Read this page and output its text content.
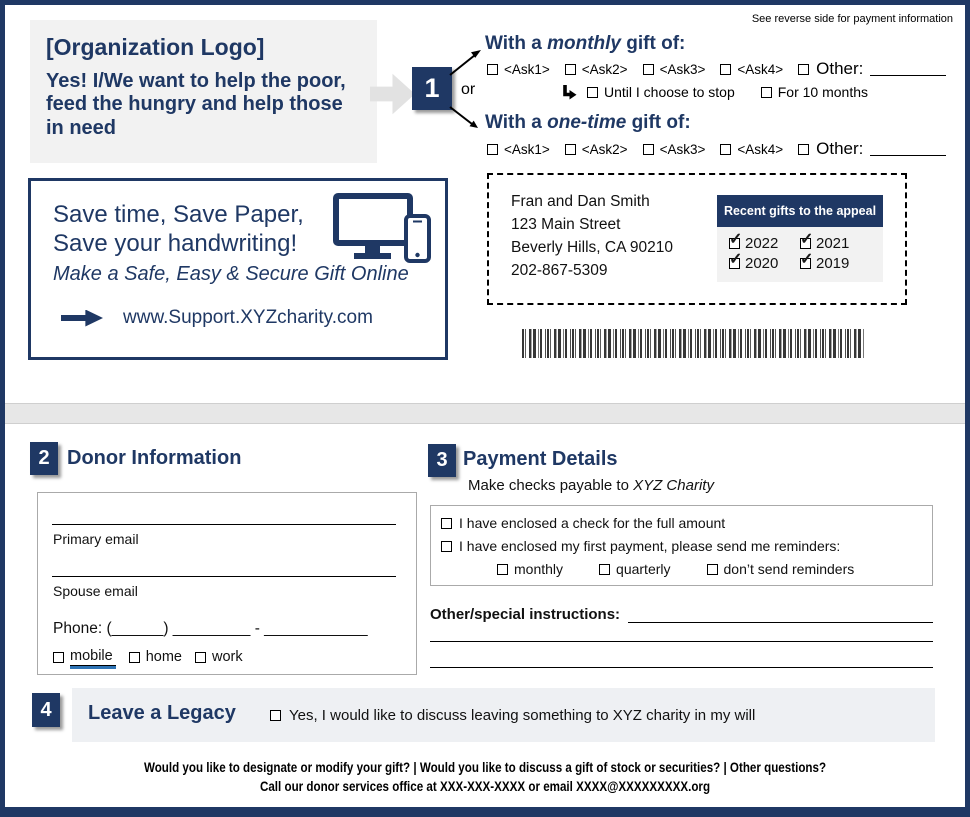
See reverse side for payment information
[Organization Logo]
Yes! I/We want to help the poor, feed the hungry and help those in need
1	or
With a monthly gift of:
<Ask1> <Ask2> <Ask3> <Ask4> Other:
Until I choose to stop	For 10 months
With a one-time gift of:
<Ask1> <Ask2> <Ask3> <Ask4> Other:
Save time, Save Paper,
Save your handwriting!
Make a Safe, Easy & Secure Gift Online
www.Support.XYZcharity.com
Fran and Dan Smith
123 Main Street
Beverly Hills, CA 90210
202-867-5309
Recent gifts to the appeal
✓
2022 ✓	2021
✓
2020 ✓	2019
2 Donor Information
Primary email
Spouse email
Phone: (______) _________ - ____________
mobile home work
3 Payment Details
Make checks payable to XYZ Charity
I have enclosed a check for the full amount
I have enclosed my first payment, please send me reminders:
monthly	quarterly	don’t send reminders
Other/special instructions:
4	Leave a Legacy	Yes, I would like to discuss leaving something to XYZ charity in my will
Would you like to designate or modify your gift? | Would you like to discuss a gift of stock or securities? | Other questions?
Call our donor services office at XXX-XXX-XXXX or email XXXX@XXXXXXXXX.org
